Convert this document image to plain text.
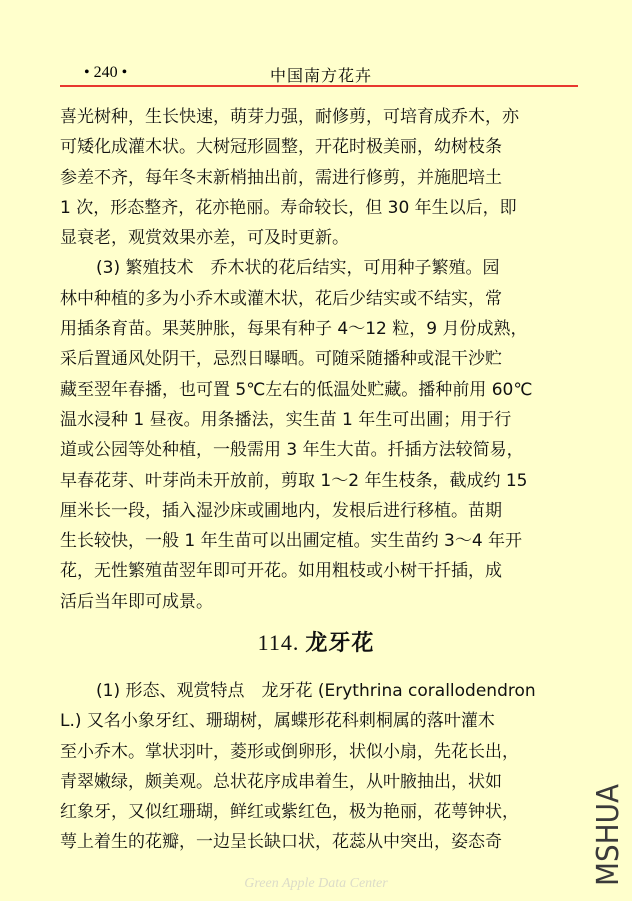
• 240 •	中国南方花卉
喜光树种，生长快速，萌芽力强，耐修剪，可培育成乔木，亦
可矮化成灌木状。大树冠形圆整，开花时极美丽，幼树枝条
参差不齐，每年冬末新梢抽出前，需进行修剪，并施肥培土
1 次，形态整齐，花亦艳丽。寿命较长，但 30 年生以后，即
显衰老，观赏效果亦差，可及时更新。
(3) 繁殖技术　乔木状的花后结实，可用种子繁殖。园
林中种植的多为小乔木或灌木状，花后少结实或不结实，常
用插条育苗。果荚肿胀，每果有种子 4～12 粒，9 月份成熟，
采后置通风处阴干，忌烈日曝晒。可随采随播种或混干沙贮
藏至翌年春播，也可置 5℃左右的低温处贮藏。播种前用 60℃
温水浸种 1 昼夜。用条播法，实生苗 1 年生可出圃；用于行
道或公园等处种植，一般需用 3 年生大苗。扦插方法较简易，
早春花芽、叶芽尚未开放前，剪取 1～2 年生枝条，截成约 15
厘米长一段，插入湿沙床或圃地内，发根后进行移植。苗期
生长较快，一般 1 年生苗可以出圃定植。实生苗约 3～4 年开
花，无性繁殖苗翌年即可开花。如用粗枝或小树干扦插，成
活后当年即可成景。
114. 龙牙花
(1) 形态、观赏特点　龙牙花 (Erythrina corallodendron
L.) 又名小象牙红、珊瑚树，属蝶形花科刺桐属的落叶灌木
至小乔木。掌状羽叶，菱形或倒卵形，状似小扇，先花长出，
青翠嫩绿，颇美观。总状花序成串着生，从叶腋抽出，状如
红象牙，又似红珊瑚，鲜红或紫红色，极为艳丽，花萼钟状，
萼上着生的花瓣，一边呈长缺口状，花蕊从中突出，姿态奇	MSHUA
Green Apple Data Center
